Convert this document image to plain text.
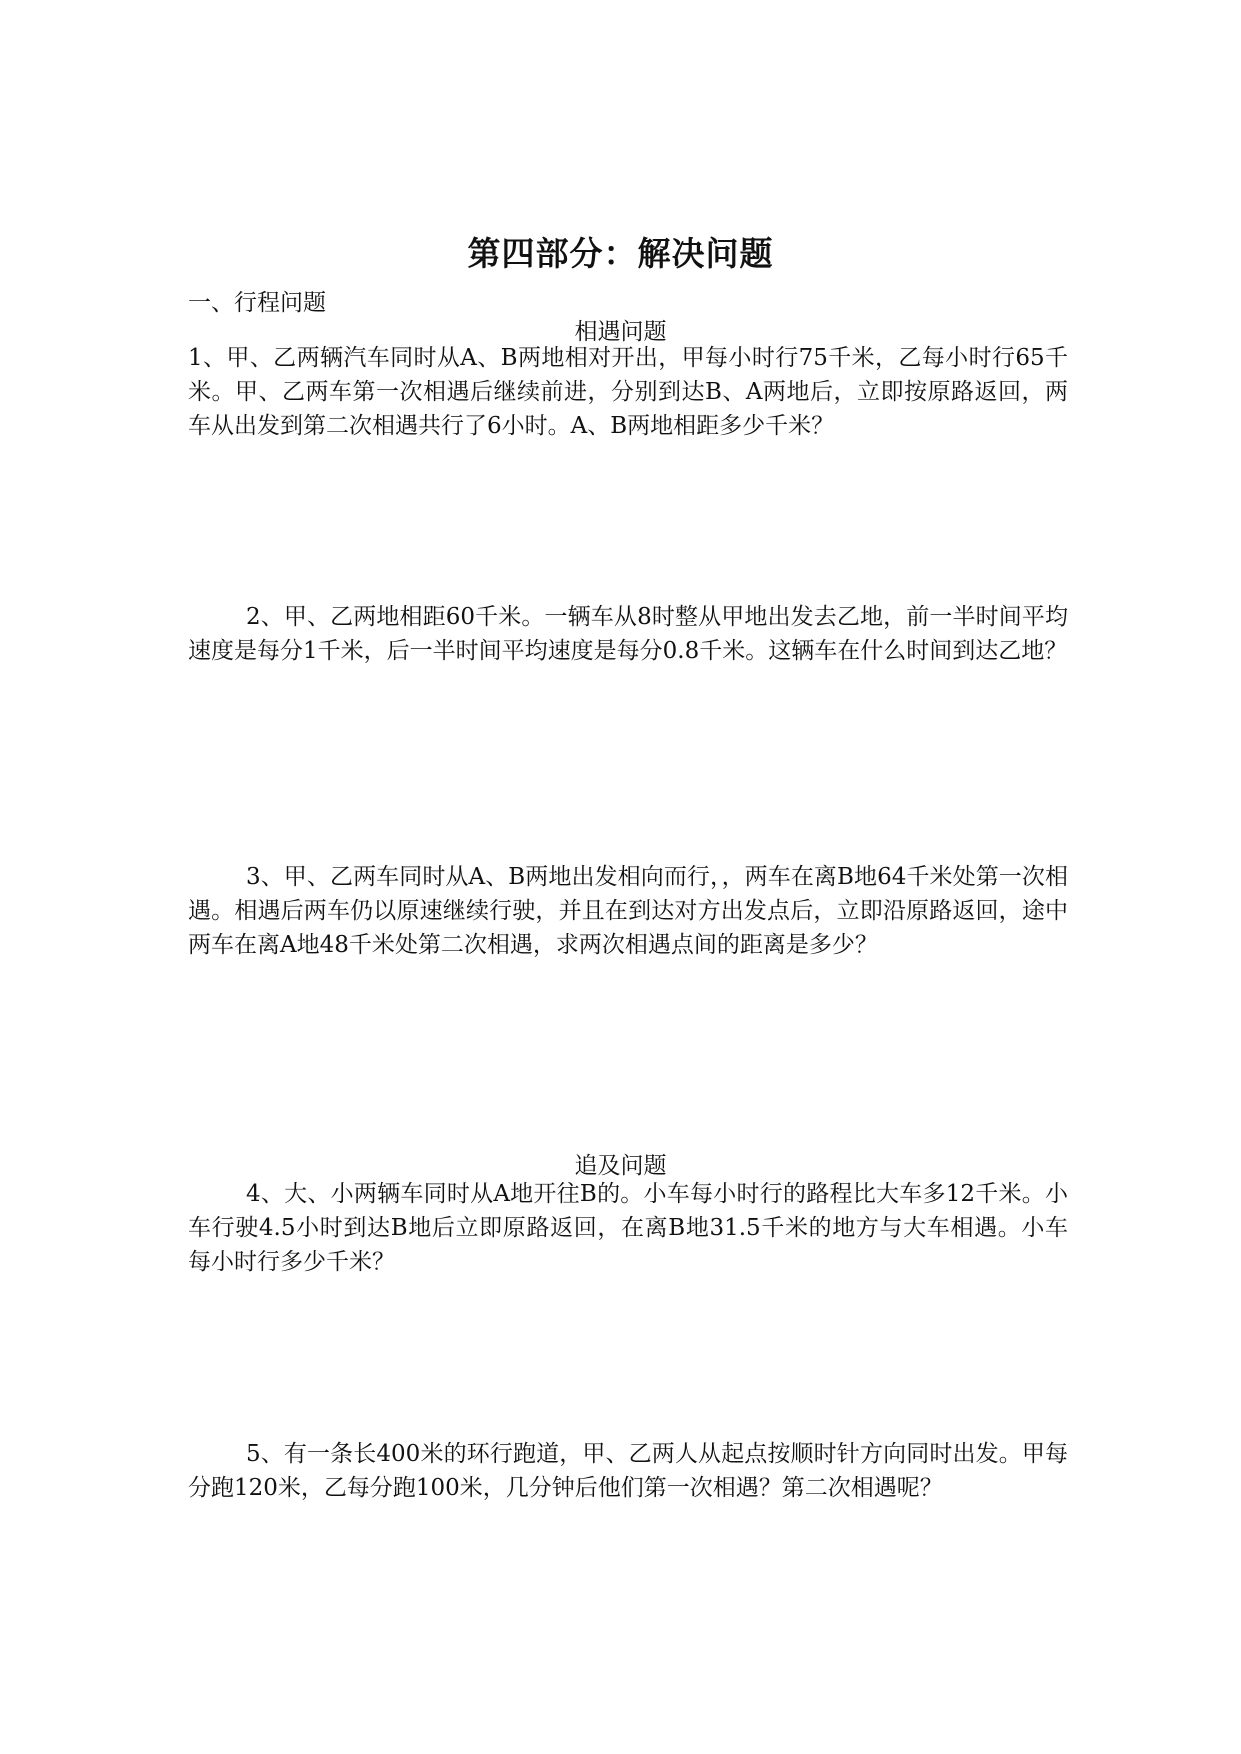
第四部分：解决问题
一、行程问题
相遇问题
1、甲、乙两辆汽车同时从A、B两地相对开出，甲每小时行75千米，乙每小时行65千米。甲、乙两车第一次相遇后继续前进，分别到达B、A两地后，立即按原路返回，两车从出发到第二次相遇共行了6小时。A、B两地相距多少千米？
2、甲、乙两地相距60千米。一辆车从8时整从甲地出发去乙地，前一半时间平均速度是每分1千米，后一半时间平均速度是每分0.8千米。这辆车在什么时间到达乙地？
3、甲、乙两车同时从A、B两地出发相向而行，，两车在离B地64千米处第一次相遇。相遇后两车仍以原速继续行驶，并且在到达对方出发点后，立即沿原路返回，途中两车在离A地48千米处第二次相遇，求两次相遇点间的距离是多少？
追及问题
4、大、小两辆车同时从A地开往B的。小车每小时行的路程比大车多12千米。小车行驶4.5小时到达B地后立即原路返回，在离B地31.5千米的地方与大车相遇。小车每小时行多少千米？
5、有一条长400米的环行跑道，甲、乙两人从起点按顺时针方向同时出发。甲每分跑120米，乙每分跑100米，几分钟后他们第一次相遇？第二次相遇呢？
